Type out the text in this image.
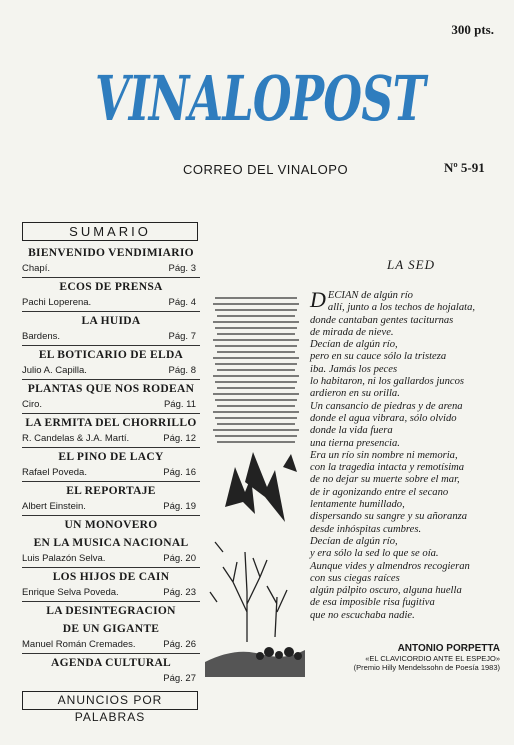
300 pts.
VINALOPOST
CORREO DEL VINALOPO	Nº 5-91
SUMARIO
BIENVENIDO VENDIMIARIO
Chapí.	Pág. 3
ECOS DE PRENSA
Pachi Loperena.	Pág. 4
LA HUIDA
Bardens.	Pág. 7
EL BOTICARIO DE ELDA
Julio A. Capilla.	Pág. 8
PLANTAS QUE NOS RODEAN
Ciro.	Pág. 11
LA ERMITA DEL CHORRILLO
R. Candelas & J.A. Martí.	Pág. 12
EL PINO DE LACY
Rafael Poveda.	Pág. 16
EL REPORTAJE
Albert Einstein.	Pág. 19
UN MONOVERO
EN LA MUSICA NACIONAL
Luis Palazón Selva.	Pág. 20
LOS HIJOS DE CAIN
Enrique Selva Poveda.	Pág. 23
LA DESINTEGRACION
DE UN GIGANTE
Manuel Román Cremades.	Pág. 26
AGENDA CULTURAL
Pág. 27
ANUNCIOS POR PALABRAS
LA SED
DECIAN de algún río
allí, junto a los techos de hojalata,
donde cantaban gentes taciturnas
de mirada de nieve.
Decían de algún río,
pero en su cauce sólo la tristeza
iba. Jamás los peces
lo habitaron, ni los gallardos juncos
ardieron en su orilla.
Un cansancio de piedras y de arena
donde el agua vibrara, sólo olvido
donde la vida fuera
una tierna presencia.
Era un río sin nombre ni memoria,
con la tragedia intacta y remotísima
de no dejar su muerte sobre el mar,
de ir agonizando entre el secano
lentamente humillado,
dispersando su sangre y su añoranza
desde inhóspitas cumbres.
Decían de algún río,
y era sólo la sed lo que se oía.
Aunque vides y almendros recogieran
con sus ciegas raíces
algún pálpito oscuro, alguna huella
de esa imposible risa fugitiva
que no escuchaba nadie.
ANTONIO PORPETTA
«EL CLAVICORDIO ANTE EL ESPEJO»
(Premio Hilly Mendelssohn de Poesía 1983)
